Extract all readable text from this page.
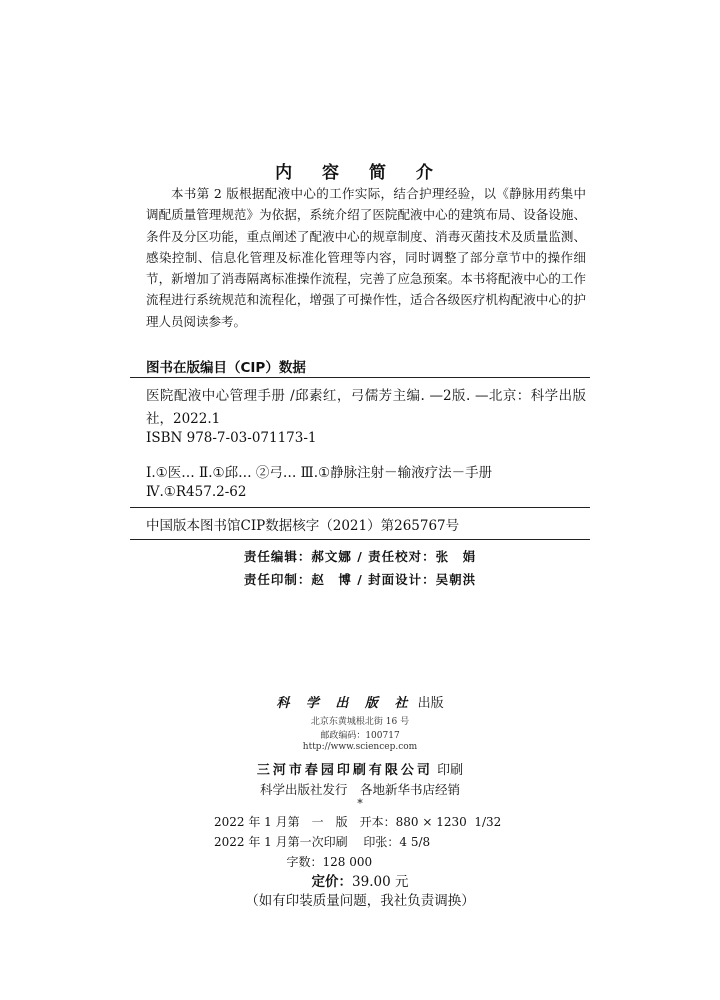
内 容 简 介
本书第 2 版根据配液中心的工作实际，结合护理经验，以《静脉用药集中调配质量管理规范》为依据，系统介绍了医院配液中心的建筑布局、设备设施、条件及分区功能，重点阐述了配液中心的规章制度、消毒灭菌技术及质量监测、感染控制、信息化管理及标准化管理等内容，同时调整了部分章节中的操作细节，新增加了消毒隔离标准操作流程，完善了应急预案。本书将配液中心的工作流程进行系统规范和流程化，增强了可操作性，适合各级医疗机构配液中心的护理人员阅读参考。
图书在版编目（CIP）数据
医院配液中心管理手册 /邱素红，弓儒芳主编. —2版. —北京：科学出版社，2022.1
ISBN 978-7-03-071173-1
Ⅰ.①医… Ⅱ.①邱… ②弓… Ⅲ.①静脉注射－输液疗法－手册
Ⅳ.①R457.2-62
中国版本图书馆CIP数据核字（2021）第265767号
责任编辑：郝文娜 / 责任校对：张　娟
责任印制：赵　博 / 封面设计：吴朝洪
科 学 出 版 社 出版
北京东黄城根北街 16 号
邮政编码：100717
http://www.sciencep.com
三河市春园印刷有限公司 印刷
科学出版社发行　各地新华书店经销
*
2022 年 1 月第　一　版　开本：880 × 1230  1/32
2022 年 1 月第一次印刷　 印张：4 5/8
字数：128 000
定价：39.00 元
（如有印装质量问题，我社负责调换）
